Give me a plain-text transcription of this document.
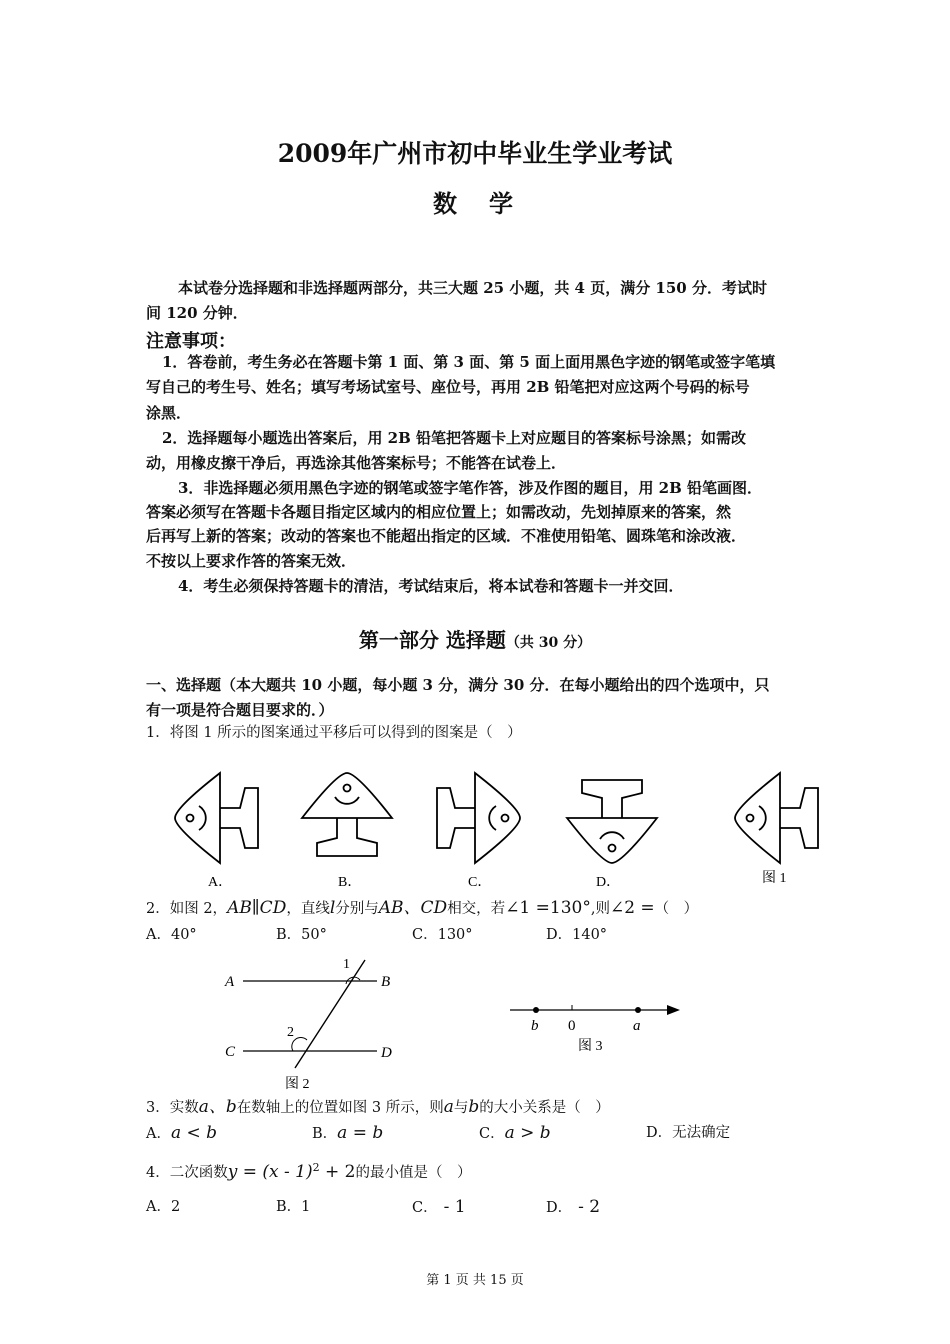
2009年广州市初中毕业生学业考试
数　学
本试卷分选择题和非选择题两部分，共三大题 25 小题，共 4 页，满分 150 分．考试时
间 120 分钟．
注意事项：
1．答卷前，考生务必在答题卡第 1 面、第 3 面、第 5 面上面用黑色字迹的钢笔或签字笔填
写自己的考生号、姓名；填写考场试室号、座位号，再用 2B 铅笔把对应这两个号码的标号
涂黑．
2．选择题每小题选出答案后，用 2B 铅笔把答题卡上对应题目的答案标号涂黑；如需改
动，用橡皮擦干净后，再选涂其他答案标号；不能答在试卷上．
3．非选择题必须用黑色字迹的钢笔或签字笔作答，涉及作图的题目，用 2B 铅笔画图．
答案必须写在答题卡各题目指定区域内的相应位置上；如需改动，先划掉原来的答案，然
后再写上新的答案；改动的答案也不能超出指定的区域．不准使用铅笔、圆珠笔和涂改液．
不按以上要求作答的答案无效．
4．考生必须保持答题卡的清洁，考试结束后，将本试卷和答题卡一并交回．
第一部分 选择题（共 30 分）
一、选择题（本大题共 10 小题，每小题 3 分，满分 30 分．在每小题给出的四个选项中，只
有一项是符合题目要求的．）
1．将图 1 所示的图案通过平移后可以得到的图案是（　）
A．	B．	C．	D．	图 1
2．如图 2，AB∥CD，直线l分别与AB、CD相交，若∠1 =130°,则∠2 =（　）
A．40°	B．50°	C．130°	D．140°
A	B
C	D
1
2
图 2
b 0	a
图 3
3．实数a、b在数轴上的位置如图 3 所示，则a与b的大小关系是（　）
A．a < b	B．a = b	C．a > b	D．无法确定
4．二次函数y = (x - 1)$^2$ + 2的最小值是（　）
A．2	B．1	C． - 1	D． - 2
第 1 页 共 15 页
